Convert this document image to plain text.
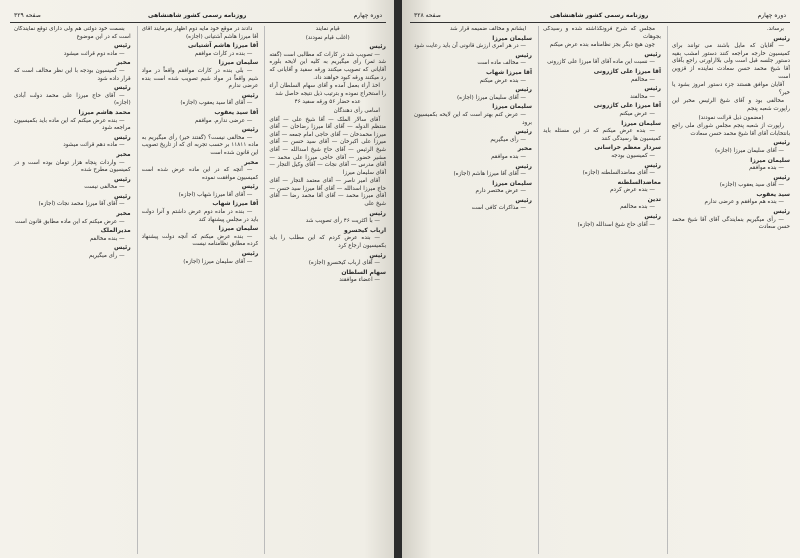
دوره چهارم
روزنامه رسمی کشور شاهنشاهی
صفحه ۳۲۹

قیام نمایند

(اغلب قیام نمودند)

رئیس

— تصویب شد در کارات که مطالبی است (گفته شد ثمر) رأی میگیریم به کلیه این لایحه بلوره آقایانی که تصویب میکنند ورقه سفید و آقایانی که رد میکنند ورقه کبود خواهند داد.

اخذ آراء بعمل آمده و آقای سهام السلطان آراء را استخراج نموده و بترتیب ذیل نتیجه حاصل شد

عده حضار ۵۶ ورقه سفید ۴۶

اسامی رأی دهندگان

آقای سالار الملک — آقا شیخ علی — آقای منتظم الدوله — آقای آقا میرزا رضاخان — آقای میرزا محمدخان — آقای حاجی امام جمعه — آقای میرزا علی اکبرخان — آقای سید حسن — آقای شیخ الرئیس — آقای حاج شیخ اسدالله — آقای مشیر حضور — آقای حاجی میرزا علی محمد — آقای مدرس — آقای نجات — آقای وکیل التجار — آقای سلیمان میرزا

آقای امیر ناصر — آقای معتمد التجار — آقای حاج میرزا اسدالله — آقای آقا میرزا سید حسن — آقای میرزا محمد — آقای آقا محمد رضا — آقای شیخ علی

رئیس

— با اکثریت ۴۶ رأی تصویب شد

ارباب کیخسرو

— بنده عرض کردم که این مطلب را باید بکمیسیون ارجاع کرد

رئیس

— آقای ارباب کیخسرو (اجازه)

سهام السلطان

— اعضاء موافقند

دادند در موقع خود مایه دوم اظهار بفرمایند آقای آقا میرزا هاشم آشتیانی (اجازه)

آقا میرزا هاشم آشتیانی

— بنده در کارات موافقم

سلیمان میرزا

— بلی بنده در کارات موافقم واقعاً در مواد شیم واقعاً در مواد شیم تصویب شده است بنده عرضی ندارم

رئیس

— آقای آقا سید یعقوب (اجازه)

آقا سید یعقوب

— عرضی ندارم. موافقم

رئیس

— مخالفی نیست؟ (گفتند خیر) رأی میگیریم به ماده ۱۱۸۱۱ بر حسب تجربه ای که از تاریخ تصویب این قانون شده است

مخبر

— آنچه که در این ماده عرض شده است کمیسیون موافقت نموده

رئیس

— آقای آقا میرزا شهاب (اجازه)

آقا میرزا شهاب

— بنده در ماده دوم عرض داشتم و آنرا دولت باید در مجلس پیشنهاد کند

سلیمان میرزا

— بنده عرض میکنم که آنچه دولت پیشنهاد کرده مطابق نظامنامه نیست

رئیس

— آقای سلیمان میرزا (اجازه)

بسمت خود دولتی هم ولی دارای توقع نمایندگان است که در این موضوع

رئیس

— ماده دوم قرائت میشود

مخبر

— کمیسیون بودجه با این نظر مخالف است که قرار داده شود

رئیس

— آقای حاج میرزا علی محمد دولت آبادی (اجازه)

محمد هاشم میرزا

— بنده عرض میکنم که این ماده باید بکمیسیون مراجعه شود

رئیس

— ماده دهم قرائت میشود

مخبر

— واردات پنجاه هزار تومان بوده است و در کمیسیون مطرح شده

رئیس

— مخالفی نیست

رئیس

— آقای آقا میرزا محمد نجات (اجازه)

مخبر

— عرض میکنم که این ماده مطابق قانون است

مدیرالملک

— بنده مخالفم

رئیس

— رأی میگیریم

دوره چهارم
روزنامه رسمی کشور شاهنشاهی
صفحه ۳۲۸

برساند.

رئیس

— آقایان که مایل باشند می توانند برای کمیسیون خارجه مراجعه کنند دستور امشب بقیه دستور جلسه قبل است ولی بلااراورتی راجع بآقای آقا شیخ محمد حسن سعادت نماینده از قزوین است

آقایان موافق هستند جزء دستور امروز بشود یا خیر؟

مخالفی بود و آقای شیخ الرئیس مخبر این راپورت شعبه پنجم

(مضمون ذیل قرائت نمودند)

راپورت از شعبه پنجم مجلس شورای ملی راجع بانتخابات آقای آقا شیخ محمد حسن سعادت

رئیس

— آقای سلیمان میرزا (اجازه)

سلیمان میرزا

— بنده موافقم

رئیس

— آقای سید یعقوب (اجازه)

سید یعقوب

— بنده هم موافقم و عرضی ندارم

رئیس

— رأی میگیریم بنمایندگی آقای آقا شیخ محمد حسن سعادت

مجلس که شرح فرونگذاشته شده و رسیدگی بجوهات

چون هیچ دیگر بجز نظامنامه بنده عرض میکنم

رئیس

— نسبت این ماده آقای آقا میرزا علی کازرونی

آقا میرزا علی کازرونی

— مخالفم

رئیس

— مخالفند

آقا میرزا علی کازرونی

— عرض میکنم

سلیمان میرزا

— بنده عرض میکنم که در این مسئله باید کمیسیون ها رسیدگی کنند

سردار معظم خراسانی

— کمیسیون بودجه

رئیس

— آقای معاضدالسلطنه (اجازه)

معاضدالسلطنه

— بنده عرض کردم

تدین

— بنده مخالفم

رئیس

— آقای حاج شیخ اسدالله (اجازه)

ایشانم و مخالف ضمیمه قرار شد

سلیمان میرزا

— در هر امری ارزش قانونی آن باید رعایت شود

رئیس

— مخالف ماده است

آقا میرزا شهاب

— بنده عرض میکنم

رئیس

— آقای سلیمان میرزا (اجازه)

سلیمان میرزا

— عرض کنم بهتر است که این لایحه بکمیسیون برود

رئیس

— رأی میگیریم

مخبر

— بنده موافقم

رئیس

— آقای آقا میرزا هاشم (اجازه)

سلیمان میرزا

— عرض مختصر دارم

رئیس

— مذاکرات کافی است
